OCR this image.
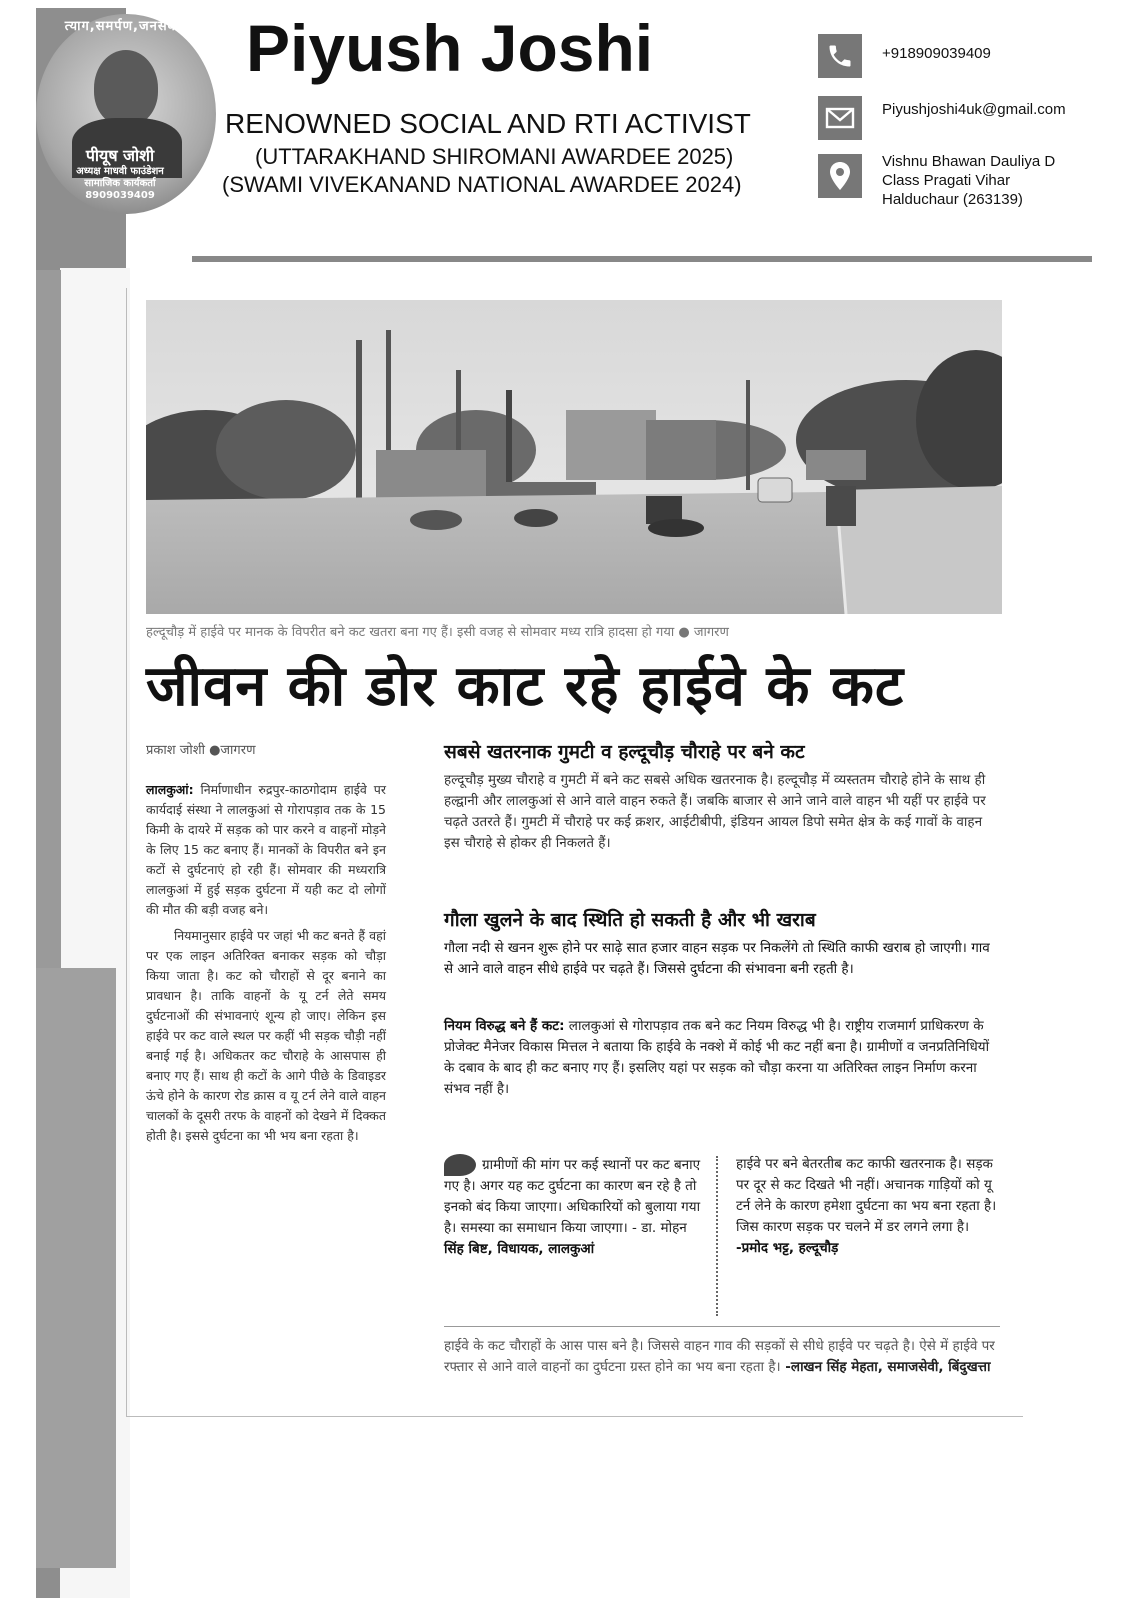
त्याग,समर्पण,जनसेवा
पीयूष जोशी
अध्यक्ष माधवी फाउंडेशन
सामाजिक कार्यकर्ता
8909039409
Piyush Joshi
RENOWNED SOCIAL AND RTI ACTIVIST
(UTTARAKHAND SHIROMANI AWARDEE 2025)
(SWAMI VIVEKANAND NATIONAL AWARDEE 2024)
+918909039409
Piyushjoshi4uk@gmail.com
Vishnu Bhawan Dauliya D
Class Pragati Vihar
Halduchaur (263139)
हल्दूचौड़ में हाईवे पर मानक के विपरीत बने कट खतरा बना गए हैं। इसी वजह से सोमवार मध्य रात्रि हादसा हो गया ● जागरण
जीवन की डोर काट रहे हाईवे के कट
प्रकाश जोशी ●जागरण

लालकुआं: निर्माणाधीन रुद्रपुर-काठगोदाम हाईवे पर कार्यदाई संस्था ने लालकुआं से गोरापड़ाव तक के 15 किमी के दायरे में सड़क को पार करने व वाहनों मोड़ने के लिए 15 कट बनाए हैं। मानकों के विपरीत बने इन कटों से दुर्घटनाएं हो रही हैं। सोमवार की मध्यरात्रि लालकुआं में हुई सड़क दुर्घटना में यही कट दो लोगों की मौत की बड़ी वजह बने।

नियमानुसार हाईवे पर जहां भी कट बनते हैं वहां पर एक लाइन अतिरिक्त बनाकर सड़क को चौड़ा किया जाता है। कट को चौराहों से दूर बनाने का प्रावधान है। ताकि वाहनों के यू टर्न लेते समय दुर्घटनाओं की संभावनाएं शून्य हो जाए। लेकिन इस हाईवे पर कट वाले स्थल पर कहीं भी सड़क चौड़ी नहीं बनाई गई है। अधिकतर कट चौराहे के आसपास ही बनाए गए हैं। साथ ही कटों के आगे पीछे के डिवाइडर ऊंचे होने के कारण रोड क्रास व यू टर्न लेने वाले वाहन चालकों के दूसरी तरफ के वाहनों को देखने में दिक्कत होती है। इससे दुर्घटना का भी भय बना रहता है।

सबसे खतरनाक गुमटी व हल्दूचौड़ चौराहे पर बने कट
हल्दूचौड़ मुख्य चौराहे व गुमटी में बने कट सबसे अधिक खतरनाक है। हल्दूचौड़ में व्यस्ततम चौराहे होने के साथ ही हल्द्वानी और लालकुआं से आने वाले वाहन रुकते हैं। जबकि बाजार से आने जाने वाले वाहन भी यहीं पर हाईवे पर चढ़ते उतरते हैं। गुमटी में चौराहे पर कई क्रशर, आईटीबीपी, इंडियन आयल डिपो समेत क्षेत्र के कई गावों के वाहन इस चौराहे से होकर ही निकलते हैं।
गौला खुलने के बाद स्थिति हो सकती है और भी खराब
गौला नदी से खनन शुरू होने पर साढ़े सात हजार वाहन सड़क पर निकलेंगे तो स्थिति काफी खराब हो जाएगी। गाव से आने वाले वाहन सीधे हाईवे पर चढ़ते हैं। जिससे दुर्घटना की संभावना बनी रहती है।
नियम विरुद्ध बने हैं कट: लालकुआं से गोरापड़ाव तक बने कट नियम विरुद्ध भी है। राष्ट्रीय राजमार्ग प्राधिकरण के प्रोजेक्ट मैनेजर विकास मित्तल ने बताया कि हाईवे के नक्शे में कोई भी कट नहीं बना है। ग्रामीणों व जनप्रतिनिधियों के दबाव के बाद ही कट बनाए गए हैं। इसलिए यहां पर सड़क को चौड़ा करना या अतिरिक्त लाइन निर्माण करना संभव नहीं है।
ग्रामीणों की मांग पर कई स्थानों पर कट बनाए गए है। अगर यह कट दुर्घटना का कारण बन रहे है तो इनको बंद किया जाएगा। अधिकारियों को बुलाया गया है। समस्या का समाधान किया जाएगा। - डा. मोहन
सिंह बिष्ट, विधायक, लालकुआं
हाईवे पर बने बेतरतीब कट काफी खतरनाक है। सड़क पर दूर से कट दिखते भी नहीं। अचानक गाड़ियों को यू टर्न लेने के कारण हमेशा दुर्घटना का भय बना रहता है। जिस कारण सड़क पर चलने में डर लगने लगा है।
-प्रमोद भट्ट, हल्दूचौड़
हाईवे के कट चौराहों के आस पास बने है। जिससे वाहन गाव की सड़कों से सीधे हाईवे पर चढ़ते है। ऐसे में हाईवे पर रफ्तार से आने वाले वाहनों का दुर्घटना ग्रस्त होने का भय बना रहता है। -लाखन सिंह मेहता, समाजसेवी, बिंदुखत्ता
